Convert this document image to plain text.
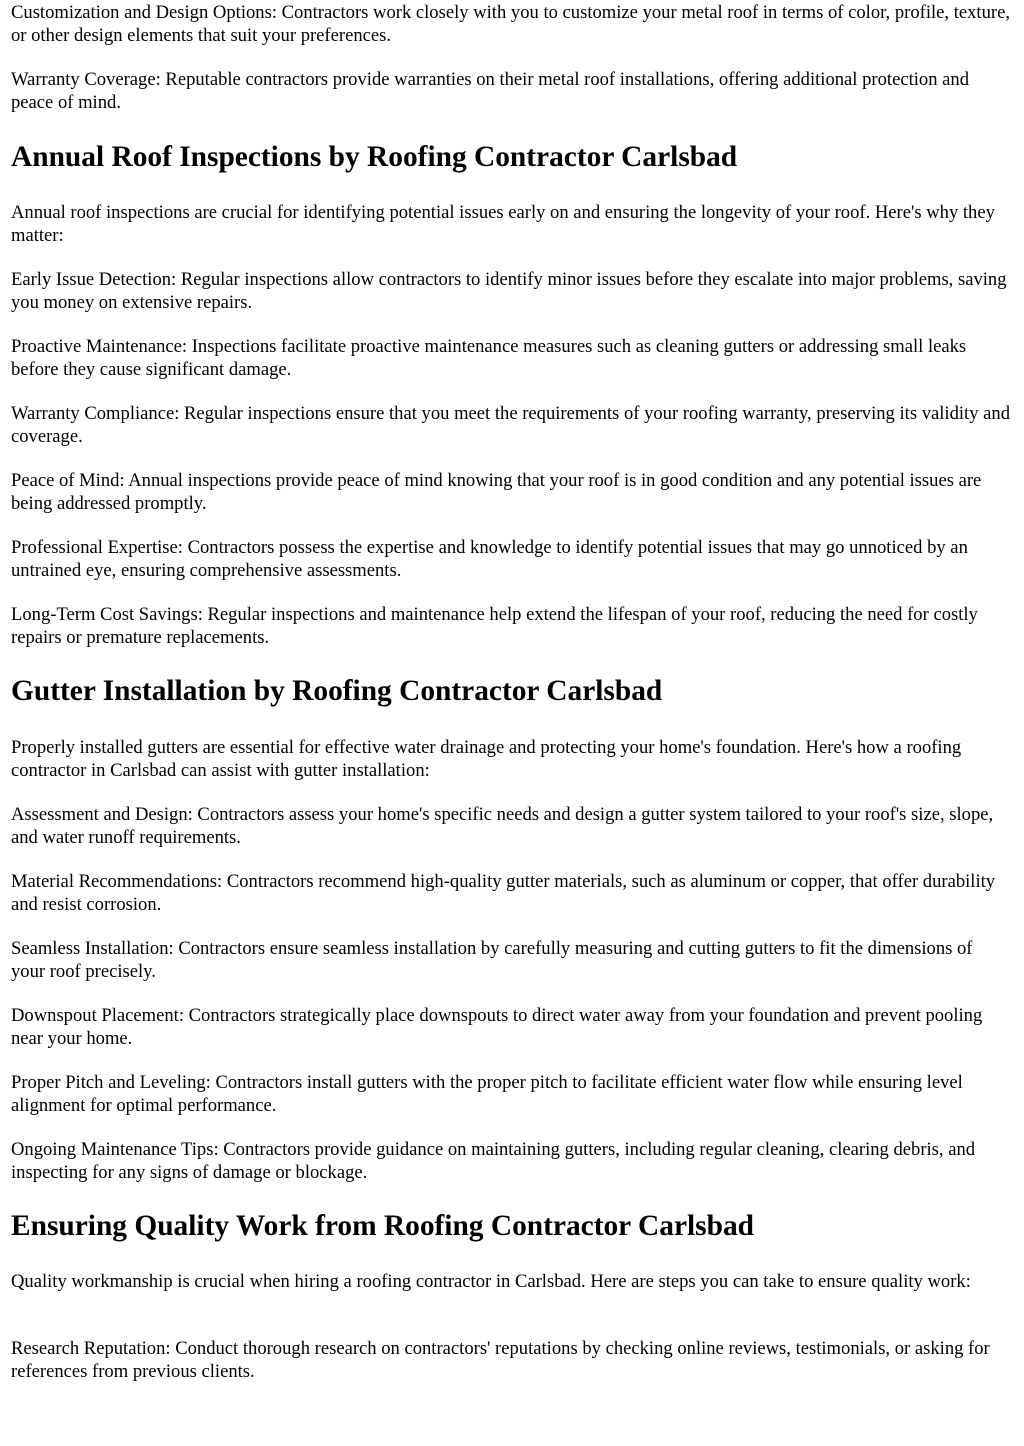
Customization and Design Options: Contractors work closely with you to customize your metal roof in terms of color, profile, texture, or other design elements that suit your preferences.

Warranty Coverage: Reputable contractors provide warranties on their metal roof installations, offering additional protection and peace of mind.

Annual Roof Inspections by Roofing Contractor Carlsbad

Annual roof inspections are crucial for identifying potential issues early on and ensuring the longevity of your roof. Here's why they matter:

Early Issue Detection: Regular inspections allow contractors to identify minor issues before they escalate into major problems, saving you money on extensive repairs.

Proactive Maintenance: Inspections facilitate proactive maintenance measures such as cleaning gutters or addressing small leaks before they cause significant damage.

Warranty Compliance: Regular inspections ensure that you meet the requirements of your roofing warranty, preserving its validity and coverage.

Peace of Mind: Annual inspections provide peace of mind knowing that your roof is in good condition and any potential issues are being addressed promptly.

Professional Expertise: Contractors possess the expertise and knowledge to identify potential issues that may go unnoticed by an untrained eye, ensuring comprehensive assessments.

Long-Term Cost Savings: Regular inspections and maintenance help extend the lifespan of your roof, reducing the need for costly repairs or premature replacements.

Gutter Installation by Roofing Contractor Carlsbad

Properly installed gutters are essential for effective water drainage and protecting your home's foundation. Here's how a roofing contractor in Carlsbad can assist with gutter installation:

Assessment and Design: Contractors assess your home's specific needs and design a gutter system tailored to your roof's size, slope, and water runoff requirements.

Material Recommendations: Contractors recommend high-quality gutter materials, such as aluminum or copper, that offer durability and resist corrosion.

Seamless Installation: Contractors ensure seamless installation by carefully measuring and cutting gutters to fit the dimensions of your roof precisely.

Downspout Placement: Contractors strategically place downspouts to direct water away from your foundation and prevent pooling near your home.

Proper Pitch and Leveling: Contractors install gutters with the proper pitch to facilitate efficient water flow while ensuring level alignment for optimal performance.

Ongoing Maintenance Tips: Contractors provide guidance on maintaining gutters, including regular cleaning, clearing debris, and inspecting for any signs of damage or blockage.

Ensuring Quality Work from Roofing Contractor Carlsbad

Quality workmanship is crucial when hiring a roofing contractor in Carlsbad. Here are steps you can take to ensure quality work:

Research Reputation: Conduct thorough research on contractors' reputations by checking online reviews, testimonials, or asking for references from previous clients.
